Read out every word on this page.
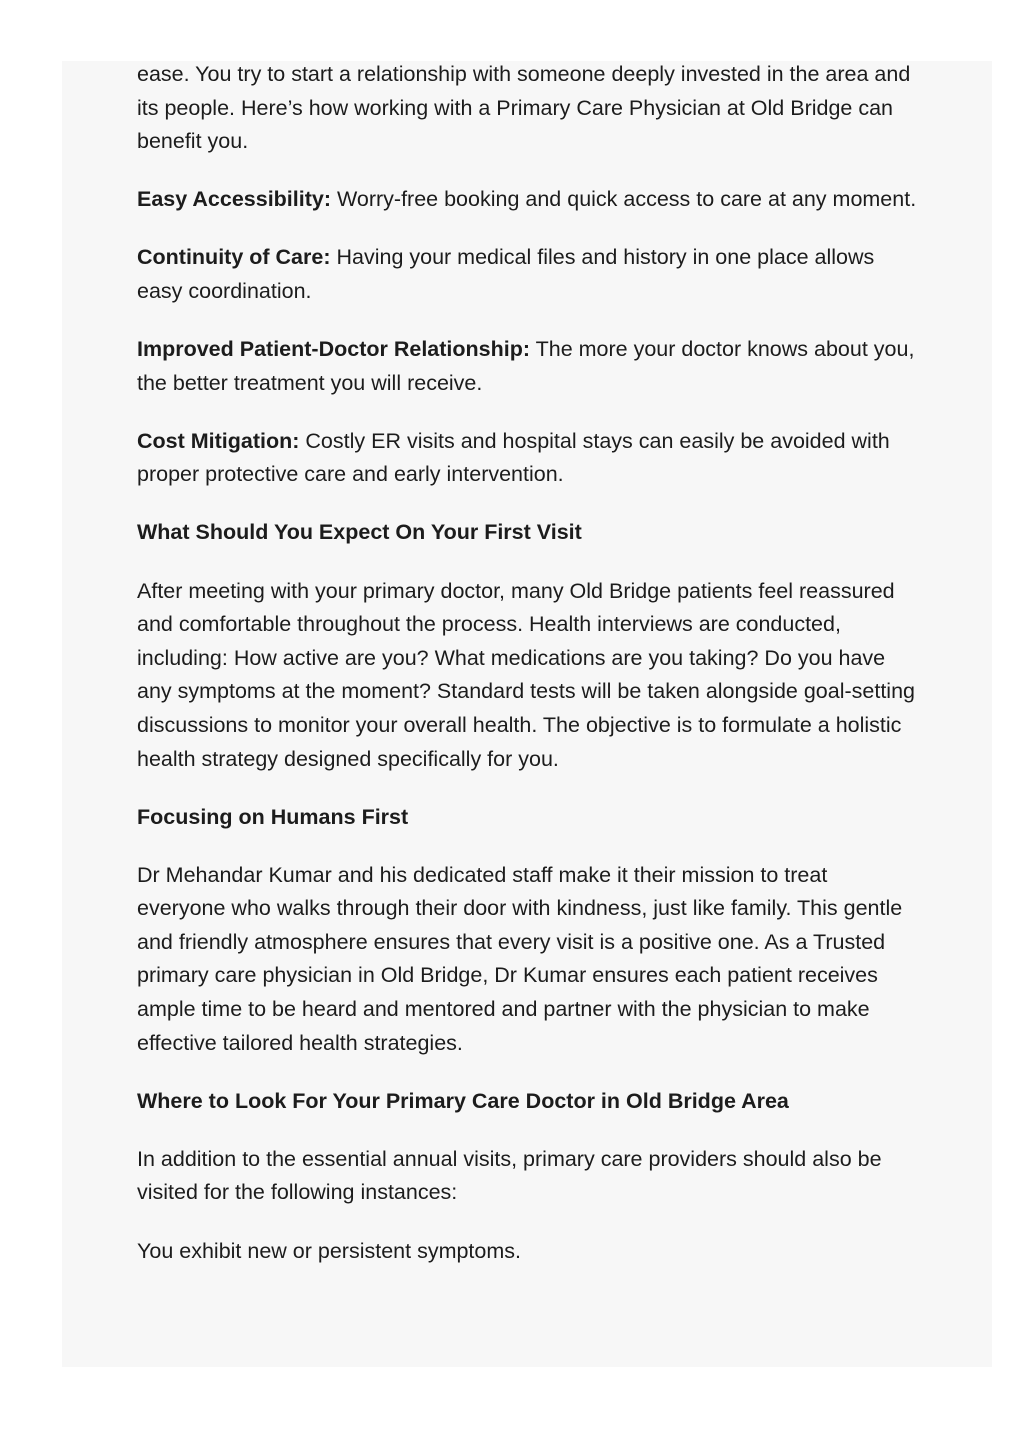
ease. You try to start a relationship with someone deeply invested in the area and its people. Here’s how working with a Primary Care Physician at Old Bridge can benefit you.

Easy Accessibility: Worry-free booking and quick access to care at any moment.

Continuity of Care: Having your medical files and history in one place allows easy coordination.

Improved Patient-Doctor Relationship: The more your doctor knows about you, the better treatment you will receive.

Cost Mitigation: Costly ER visits and hospital stays can easily be avoided with proper protective care and early intervention.

What Should You Expect On Your First Visit

After meeting with your primary doctor, many Old Bridge patients feel reassured and comfortable throughout the process. Health interviews are conducted, including: How active are you? What medications are you taking? Do you have any symptoms at the moment? Standard tests will be taken alongside goal-setting discussions to monitor your overall health. The objective is to formulate a holistic health strategy designed specifically for you.

Focusing on Humans First

Dr Mehandar Kumar and his dedicated staff make it their mission to treat everyone who walks through their door with kindness, just like family. This gentle and friendly atmosphere ensures that every visit is a positive one. As a Trusted primary care physician in Old Bridge, Dr Kumar ensures each patient receives ample time to be heard and mentored and partner with the physician to make effective tailored health strategies.

Where to Look For Your Primary Care Doctor in Old Bridge Area

In addition to the essential annual visits, primary care providers should also be visited for the following instances:

You exhibit new or persistent symptoms.
